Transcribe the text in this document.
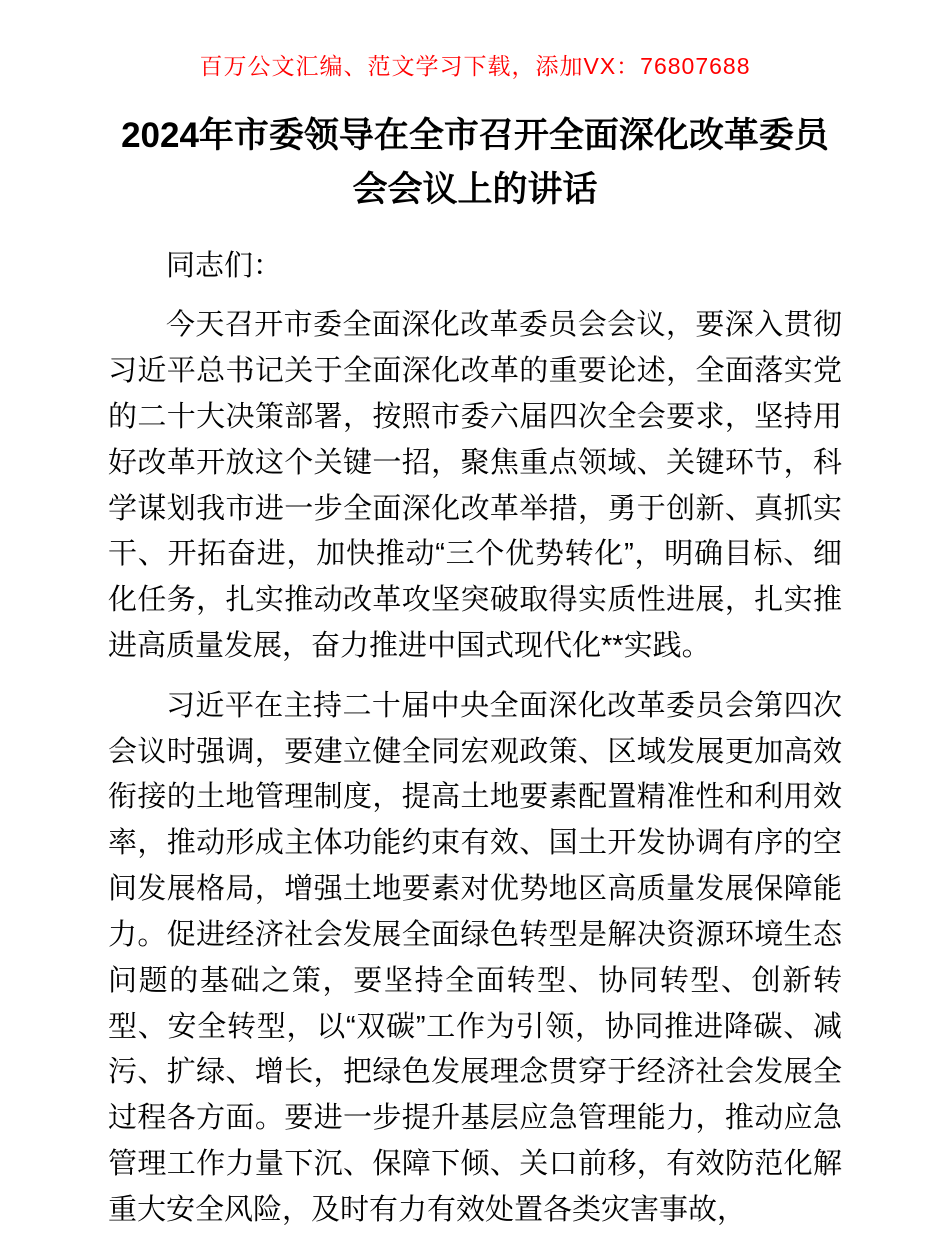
百万公文汇编、范文学习下载，添加VX：76807688
2024年市委领导在全市召开全面深化改革委员会会议上的讲话

同志们：

今天召开市委全面深化改革委员会会议，要深入贯彻习近平总书记关于全面深化改革的重要论述，全面落实党的二十大决策部署，按照市委六届四次全会要求，坚持用好改革开放这个关键一招，聚焦重点领域、关键环节，科学谋划我市进一步全面深化改革举措，勇于创新、真抓实干、开拓奋进，加快推动“三个优势转化”，明确目标、细化任务，扎实推动改革攻坚突破取得实质性进展，扎实推进高质量发展，奋力推进中国式现代化**实践。

习近平在主持二十届中央全面深化改革委员会第四次会议时强调，要建立健全同宏观政策、区域发展更加高效衔接的土地管理制度，提高土地要素配置精准性和利用效率，推动形成主体功能约束有效、国土开发协调有序的空间发展格局，增强土地要素对优势地区高质量发展保障能力。促进经济社会发展全面绿色转型是解决资源环境生态问题的基础之策，要坚持全面转型、协同转型、创新转型、安全转型，以“双碳”工作为引领，协同推进降碳、减污、扩绿、增长，把绿色发展理念贯穿于经济社会发展全过程各方面。要进一步提升基层应急管理能力，推动应急管理工作力量下沉、保障下倾、关口前移，有效防范化解重大安全风险，及时有力有效处置各类灾害事故，
